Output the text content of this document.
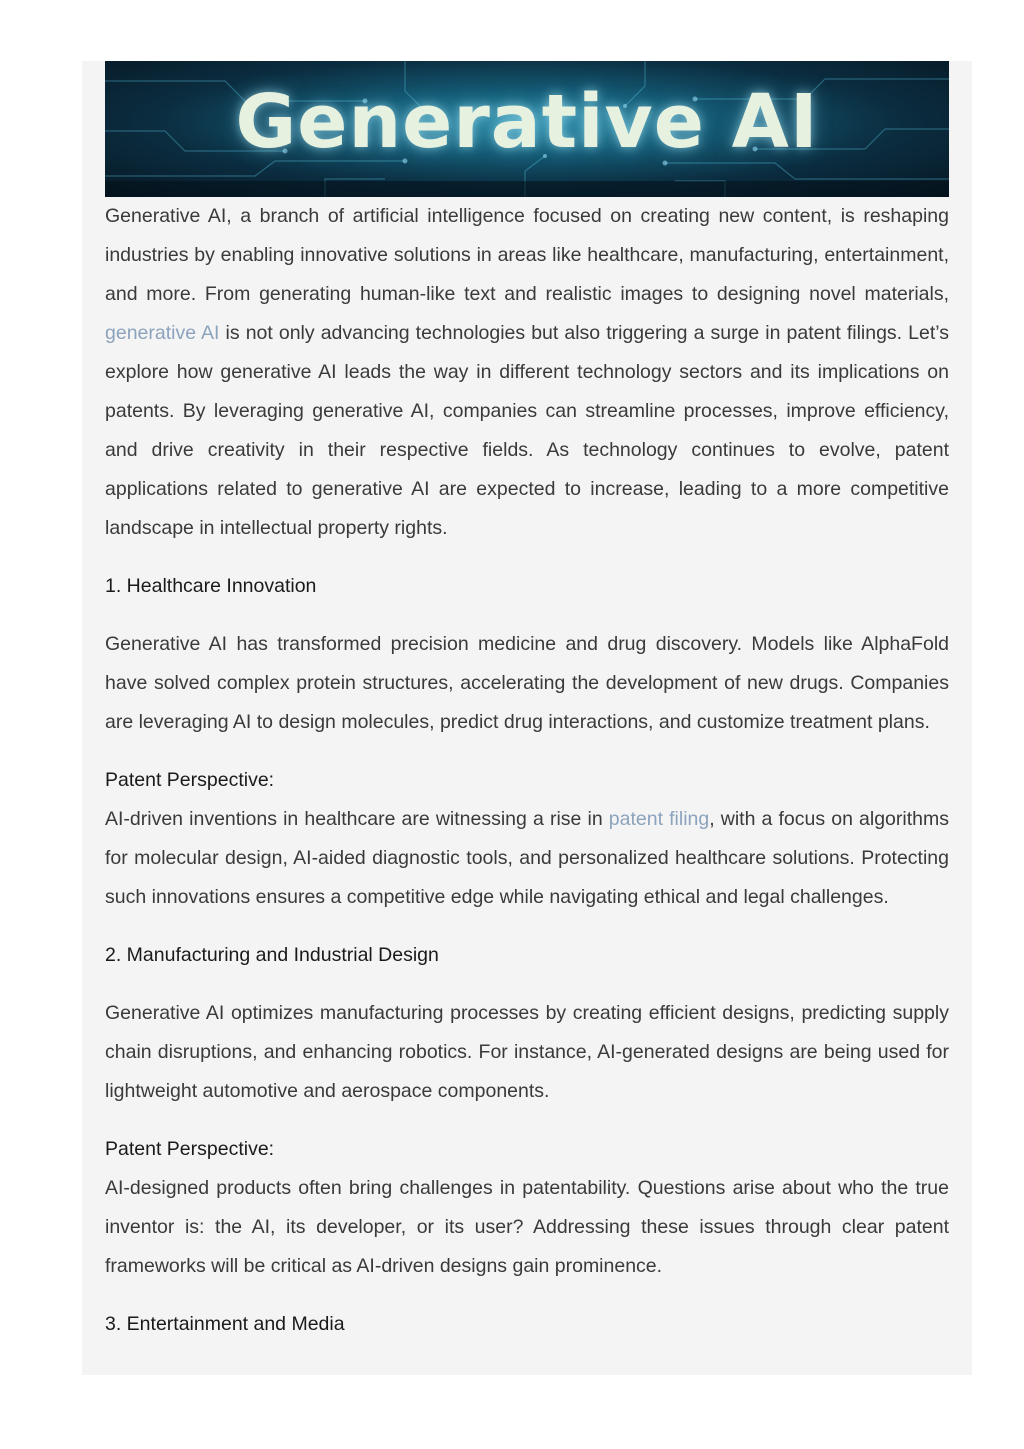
Generative AI

Generative AI, a branch of artificial intelligence focused on creating new content, is reshaping industries by enabling innovative solutions in areas like healthcare, manufacturing, entertainment, and more. From generating human-like text and realistic images to designing novel materials, generative AI is not only advancing technologies but also triggering a surge in patent filings. Let’s explore how generative AI leads the way in different technology sectors and its implications on patents. By leveraging generative AI, companies can streamline processes, improve efficiency, and drive creativity in their respective fields. As technology continues to evolve, patent applications related to generative AI are expected to increase, leading to a more competitive landscape in intellectual property rights.

1. Healthcare Innovation

Generative AI has transformed precision medicine and drug discovery. Models like AlphaFold have solved complex protein structures, accelerating the development of new drugs. Companies are leveraging AI to design molecules, predict drug interactions, and customize treatment plans.

Patent Perspective:

AI-driven inventions in healthcare are witnessing a rise in patent filing, with a focus on algorithms for molecular design, AI-aided diagnostic tools, and personalized healthcare solutions. Protecting such innovations ensures a competitive edge while navigating ethical and legal challenges.

2. Manufacturing and Industrial Design

Generative AI optimizes manufacturing processes by creating efficient designs, predicting supply chain disruptions, and enhancing robotics. For instance, AI-generated designs are being used for lightweight automotive and aerospace components.

Patent Perspective:

AI-designed products often bring challenges in patentability. Questions arise about who the true inventor is: the AI, its developer, or its user? Addressing these issues through clear patent frameworks will be critical as AI-driven designs gain prominence.

3. Entertainment and Media
